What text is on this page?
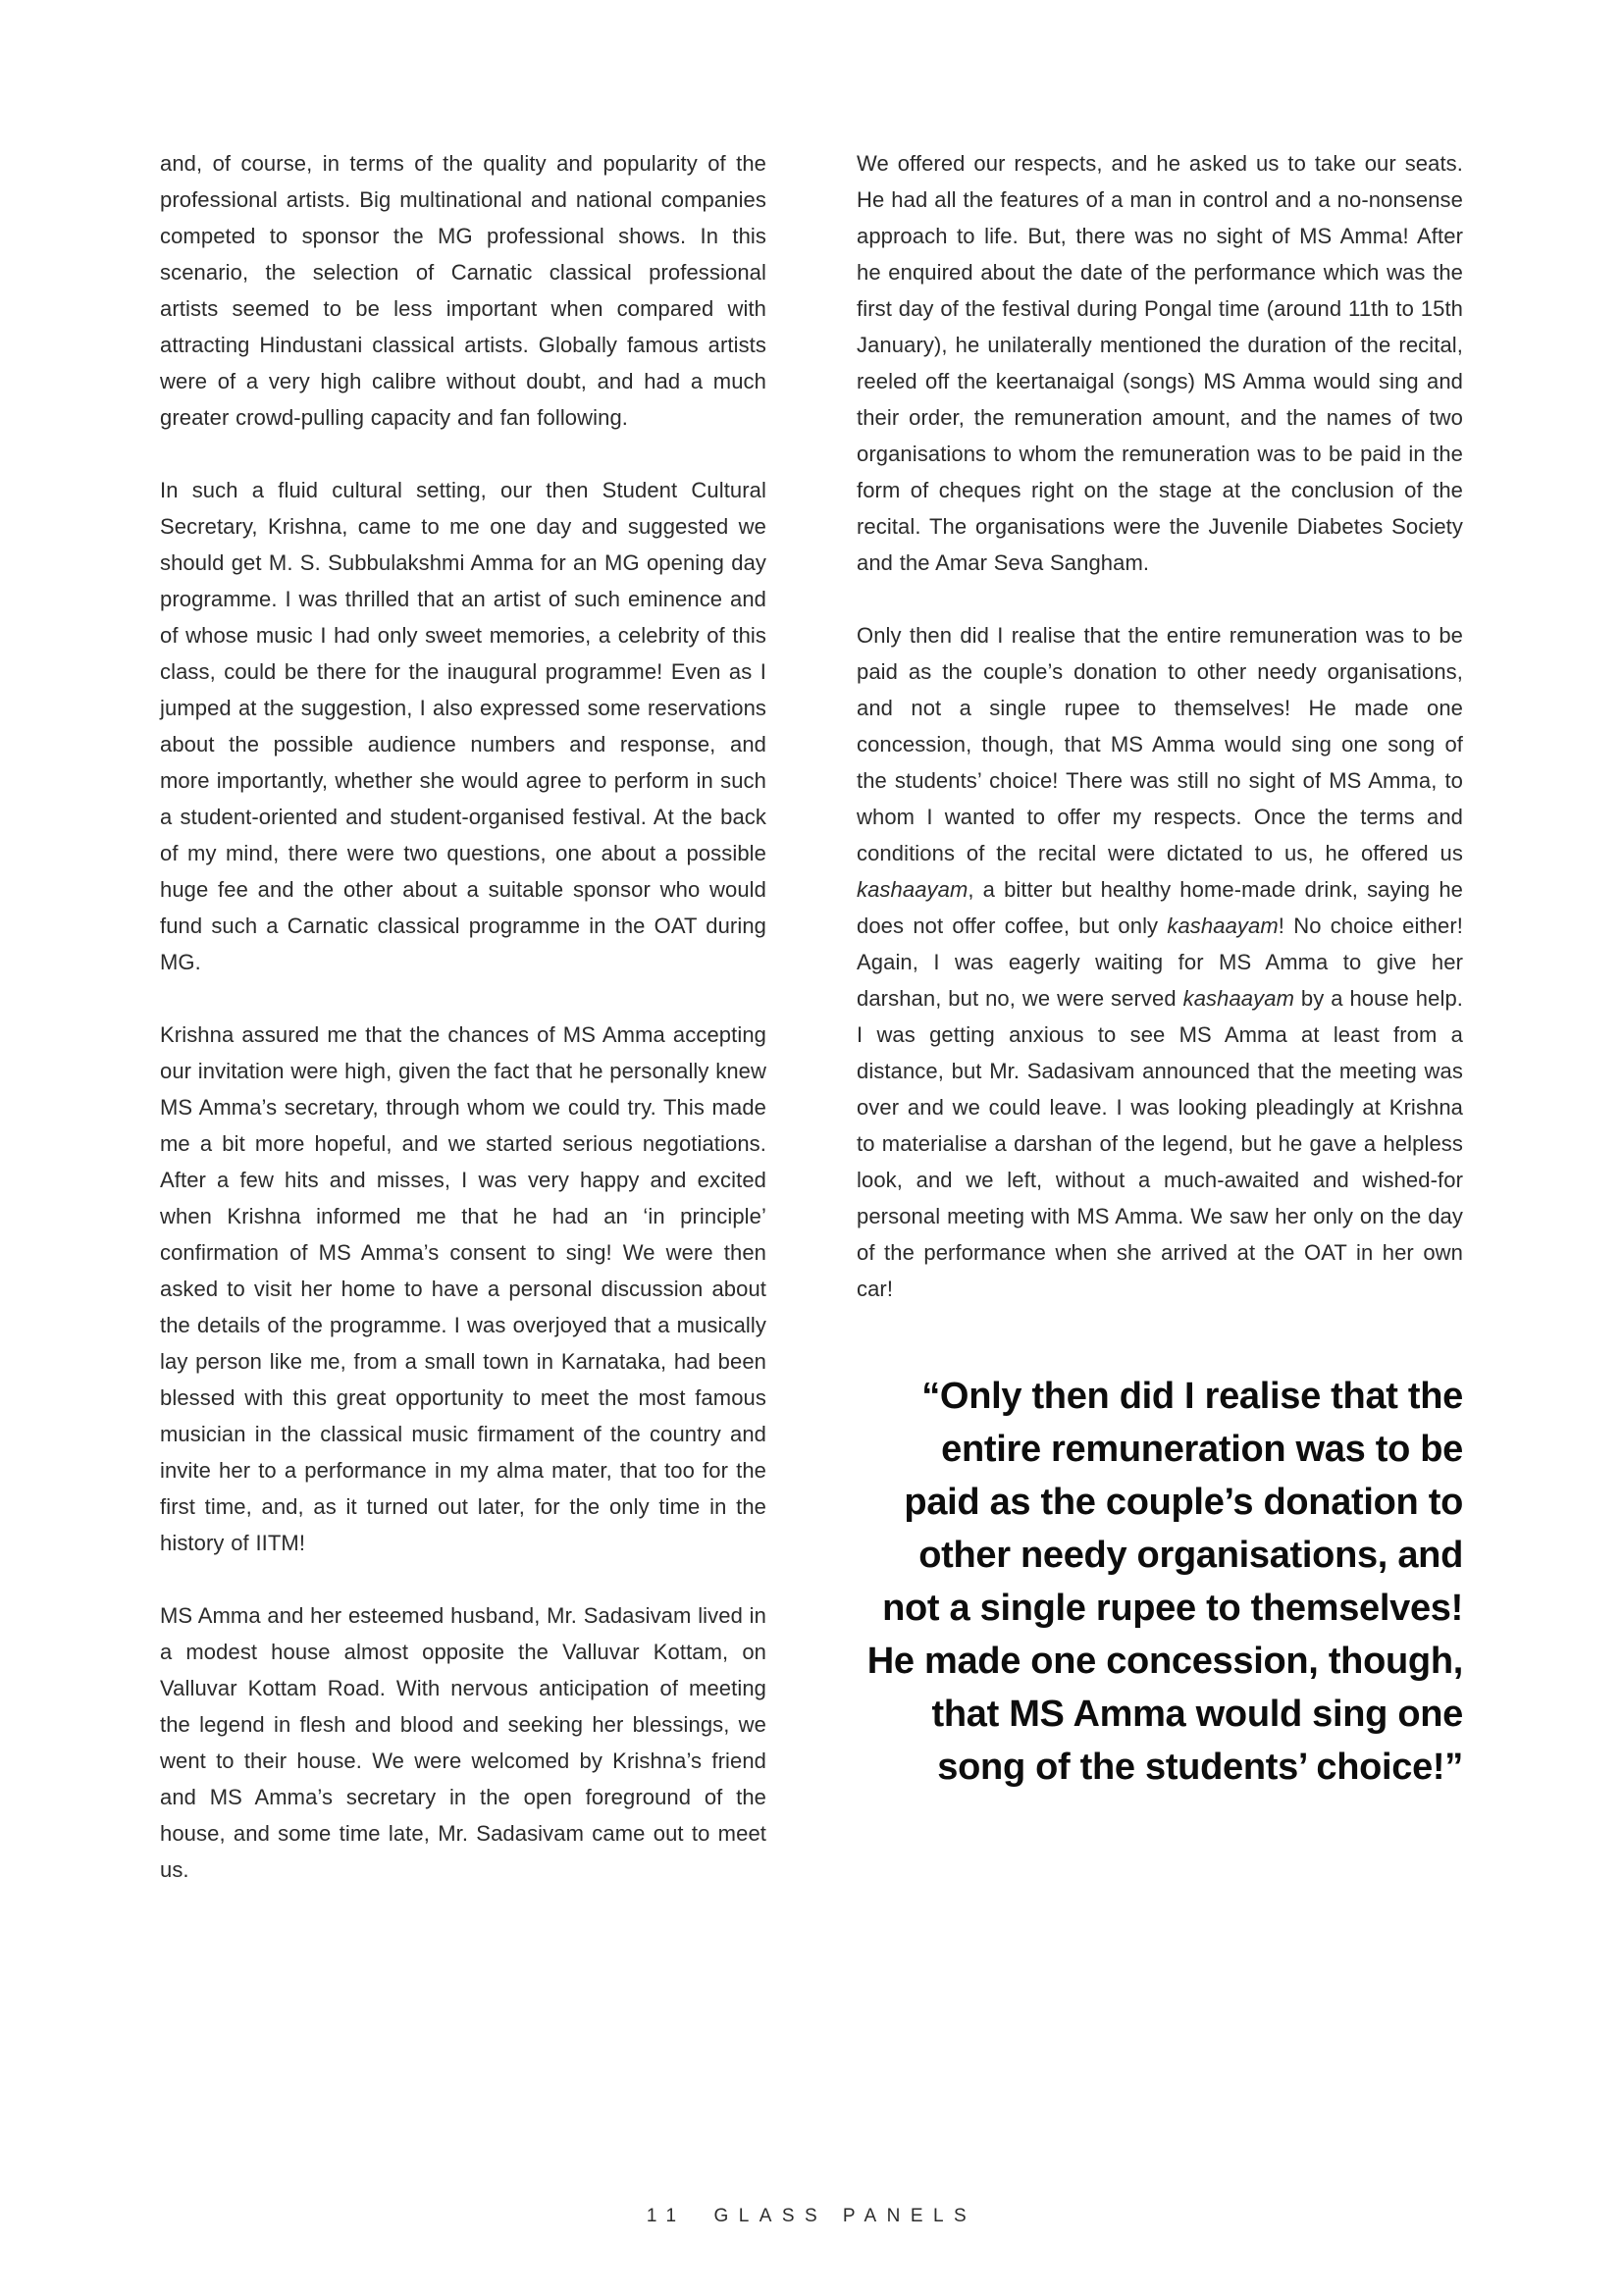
and, of course, in terms of the quality and popularity of the professional artists. Big multinational and national companies competed to sponsor the MG professional shows. In this scenario, the selection of Carnatic classical professional artists seemed to be less important when compared with attracting Hindustani classical artists. Globally famous artists were of a very high calibre without doubt, and had a much greater crowd-pulling capacity and fan following.

In such a fluid cultural setting, our then Student Cultural Secretary, Krishna, came to me one day and suggested we should get M. S. Subbulakshmi Amma for an MG opening day programme. I was thrilled that an artist of such eminence and of whose music I had only sweet memories, a celebrity of this class, could be there for the inaugural programme! Even as I jumped at the suggestion, I also expressed some reservations about the possible audience numbers and response, and more importantly, whether she would agree to perform in such a student-oriented and student-organised festival. At the back of my mind, there were two questions, one about a possible huge fee and the other about a suitable sponsor who would fund such a Carnatic classical programme in the OAT during MG.

Krishna assured me that the chances of MS Amma accepting our invitation were high, given the fact that he personally knew MS Amma’s secretary, through whom we could try. This made me a bit more hopeful, and we started serious negotiations. After a few hits and misses, I was very happy and excited when Krishna informed me that he had an ‘in principle’ confirmation of MS Amma’s consent to sing! We were then asked to visit her home to have a personal discussion about the details of the programme. I was overjoyed that a musically lay person like me, from a small town in Karnataka, had been blessed with this great opportunity to meet the most famous musician in the classical music firmament of the country and invite her to a performance in my alma mater, that too for the first time, and, as it turned out later, for the only time in the history of IITM!

MS Amma and her esteemed husband, Mr. Sadasivam lived in a modest house almost opposite the Valluvar Kottam, on Valluvar Kottam Road. With nervous anticipation of meeting the legend in flesh and blood and seeking her blessings, we went to their house. We were welcomed by Krishna’s friend and MS Amma’s secretary in the open foreground of the house, and some time late, Mr. Sadasivam came out to meet us.

We offered our respects, and he asked us to take our seats. He had all the features of a man in control and a no-nonsense approach to life. But, there was no sight of MS Amma! After he enquired about the date of the performance which was the first day of the festival during Pongal time (around 11th to 15th January), he unilaterally mentioned the duration of the recital, reeled off the keertanaigal (songs) MS Amma would sing and their order, the remuneration amount, and the names of two organisations to whom the remuneration was to be paid in the form of cheques right on the stage at the conclusion of the recital. The organisations were the Juvenile Diabetes Society and the Amar Seva Sangham.

Only then did I realise that the entire remuneration was to be paid as the couple’s donation to other needy organisations, and not a single rupee to themselves! He made one concession, though, that MS Amma would sing one song of the students’ choice! There was still no sight of MS Amma, to whom I wanted to offer my respects. Once the terms and conditions of the recital were dictated to us, he offered us kashaayam, a bitter but healthy home-made drink, saying he does not offer coffee, but only kashaayam! No choice either! Again, I was eagerly waiting for MS Amma to give her darshan, but no, we were served kashaayam by a house help. I was getting anxious to see MS Amma at least from a distance, but Mr. Sadasivam announced that the meeting was over and we could leave. I was looking pleadingly at Krishna to materialise a darshan of the legend, but he gave a helpless look, and we left, without a much-awaited and wished-for personal meeting with MS Amma. We saw her only on the day of the performance when she arrived at the OAT in her own car!

“Only then did I realise that the entire remuneration was to be paid as the couple’s donation to other needy organisations, and not a single rupee to themselves! He made one concession, though, that MS Amma would sing one song of the students’ choice!”
11 GLASS PANELS
